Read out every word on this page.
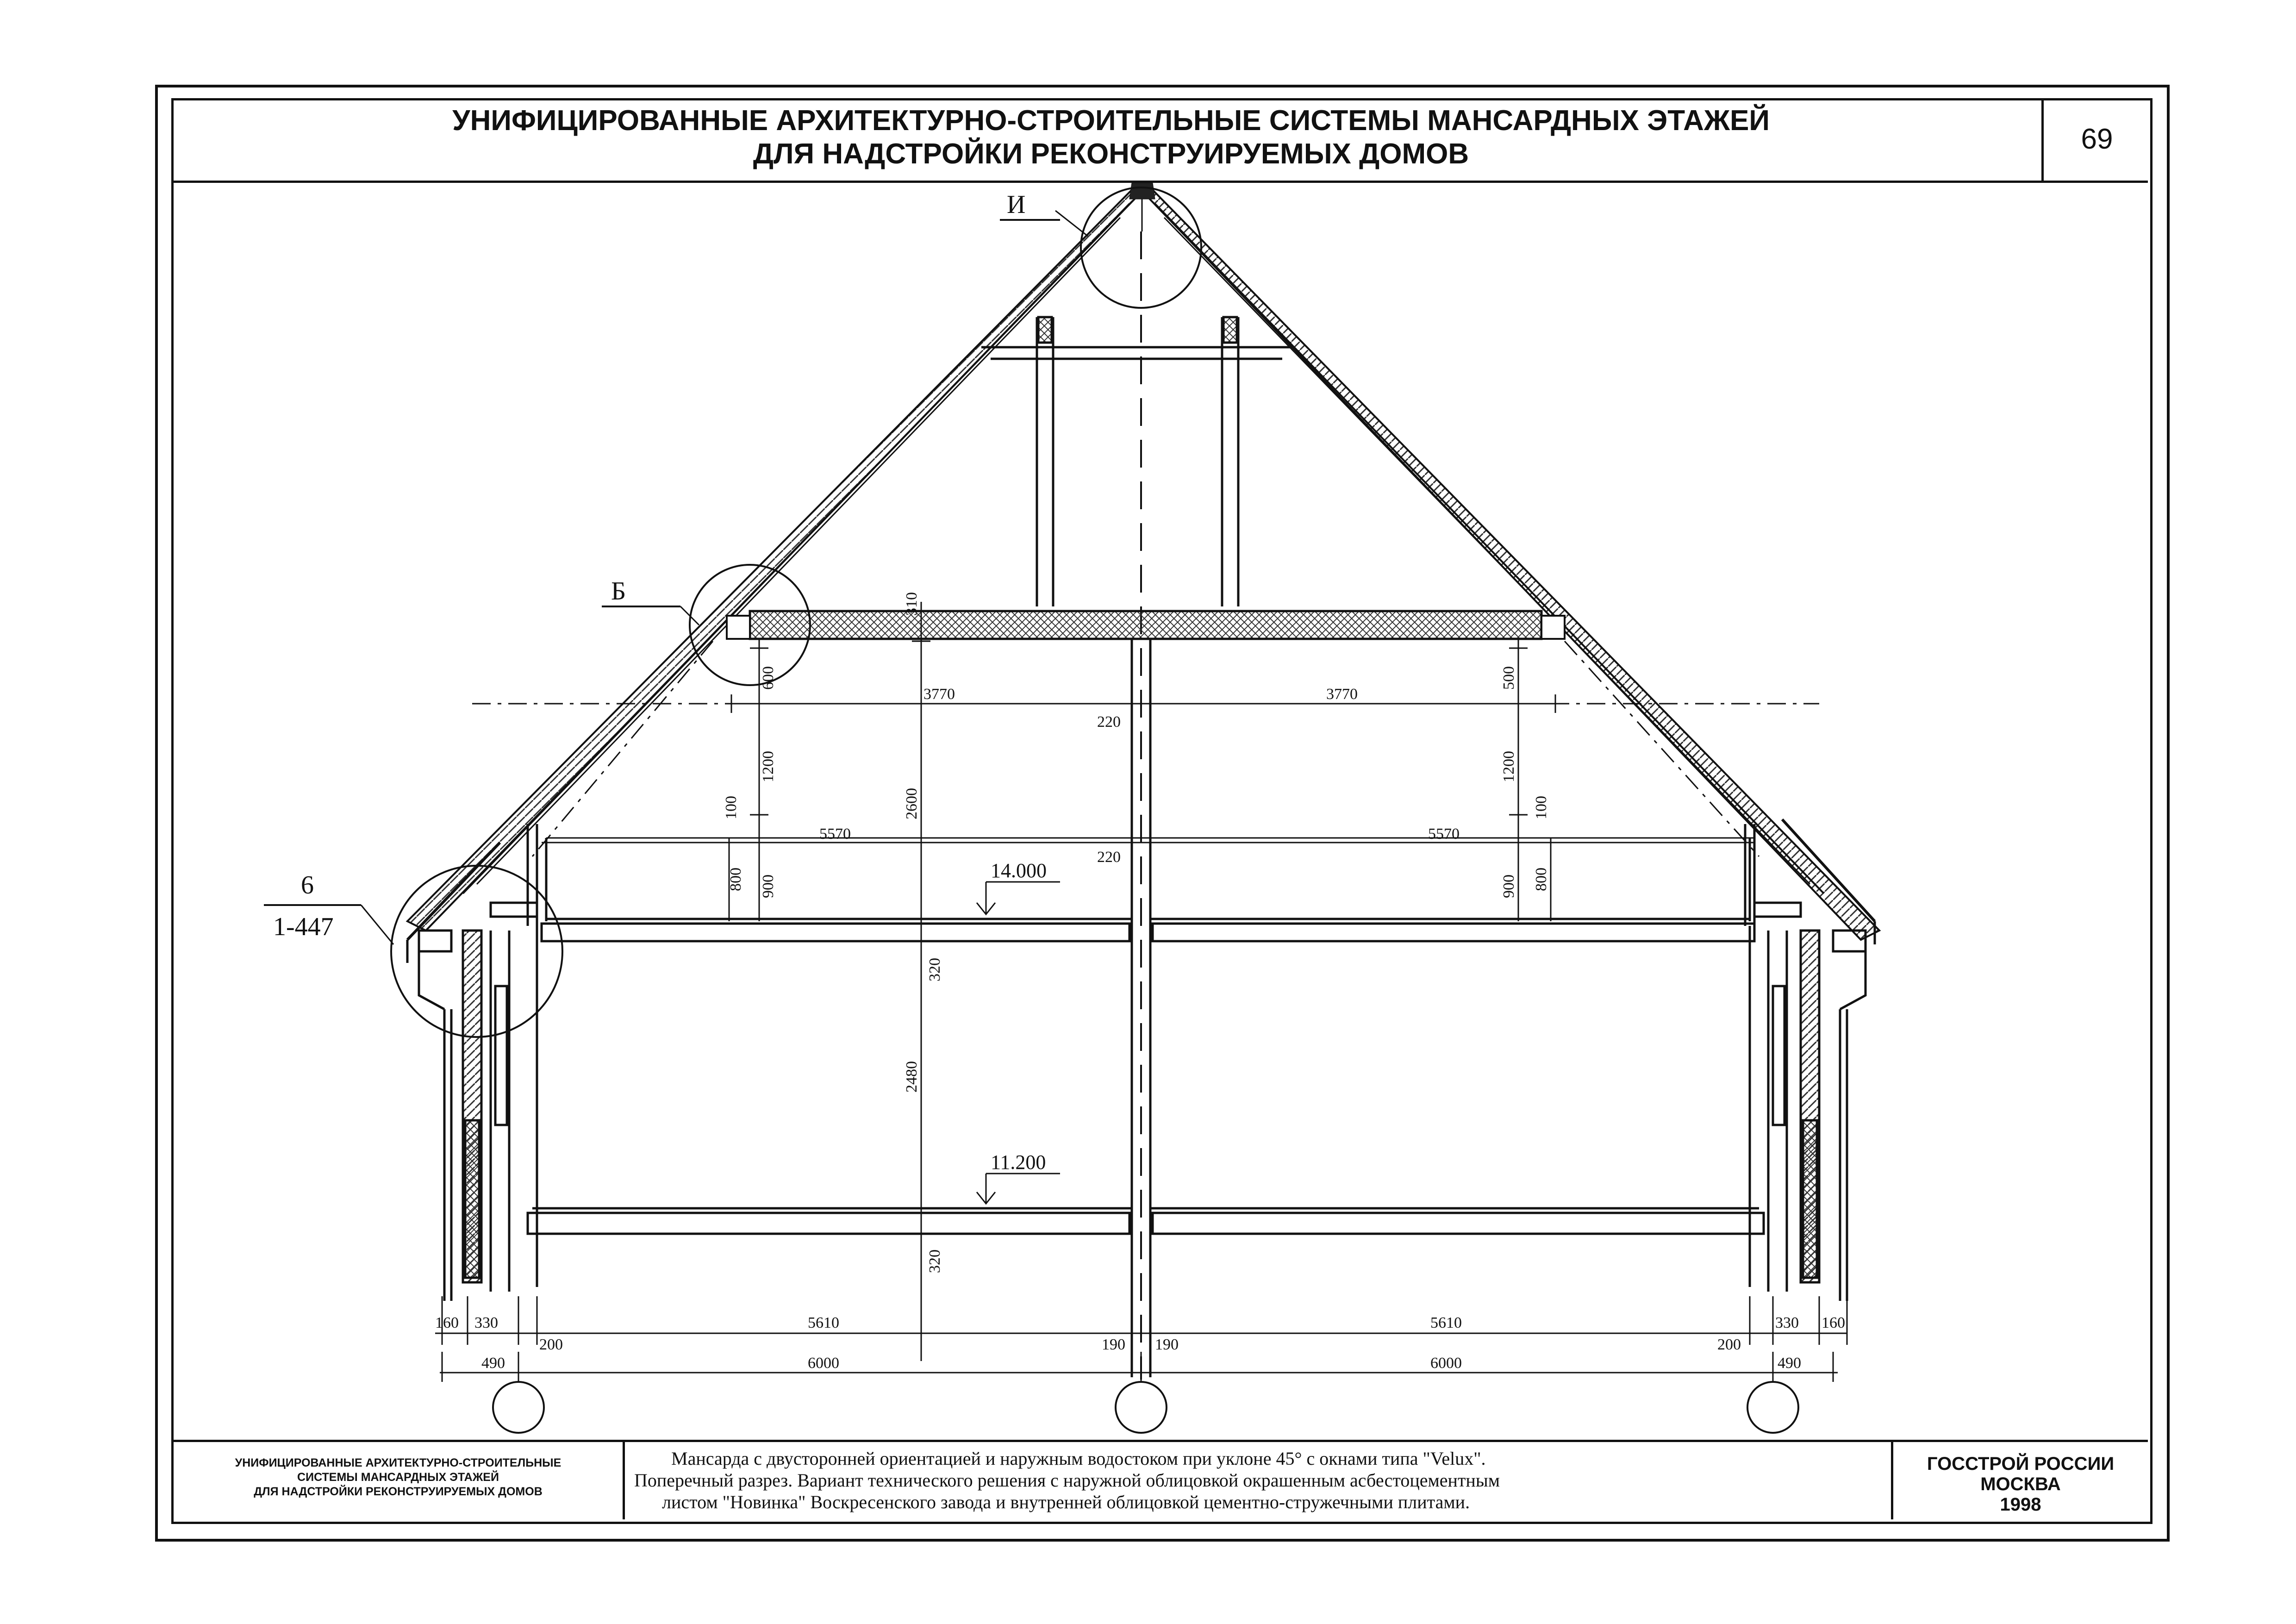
УНИФИЦИРОВАННЫЕ АРХИТЕКТУРНО-СТРОИТЕЛЬНЫЕ СИСТЕМЫ МАНСАРДНЫХ ЭТАЖЕЙ
ДЛЯ НАДСТРОЙКИ РЕКОНСТРУИРУЕМЫХ ДОМОВ	69
И
Б
6
1-447
14.000
11.200
310
2600
320
2480
320
3770	3770
220
600
1200
100
900
800
500
1200
100
900 800
5570	5570
220
160 330	5610	5610	330 160
200	190 190	200
490	6000	6000	490
УНИФИЦИРОВАННЫЕ АРХИТЕКТУРНО-СТРОИТЕЛЬНЫЕ
СИСТЕМЫ МАНСАРДНЫХ ЭТАЖЕЙ
ДЛЯ НАДСТРОЙКИ РЕКОНСТРУИРУЕМЫХ ДОМОВ
Мансарда с двусторонней ориентацией и наружным водостоком при уклоне 45° с окнами типа "Velux".
Поперечный разрез. Вариант технического решения с наружной облицовкой окрашенным асбестоцементным
листом "Новинка" Воскресенского завода и внутренней облицовкой цементно-стружечными плитами.
ГОССТРОЙ РОССИИ
МОСКВА
1998
